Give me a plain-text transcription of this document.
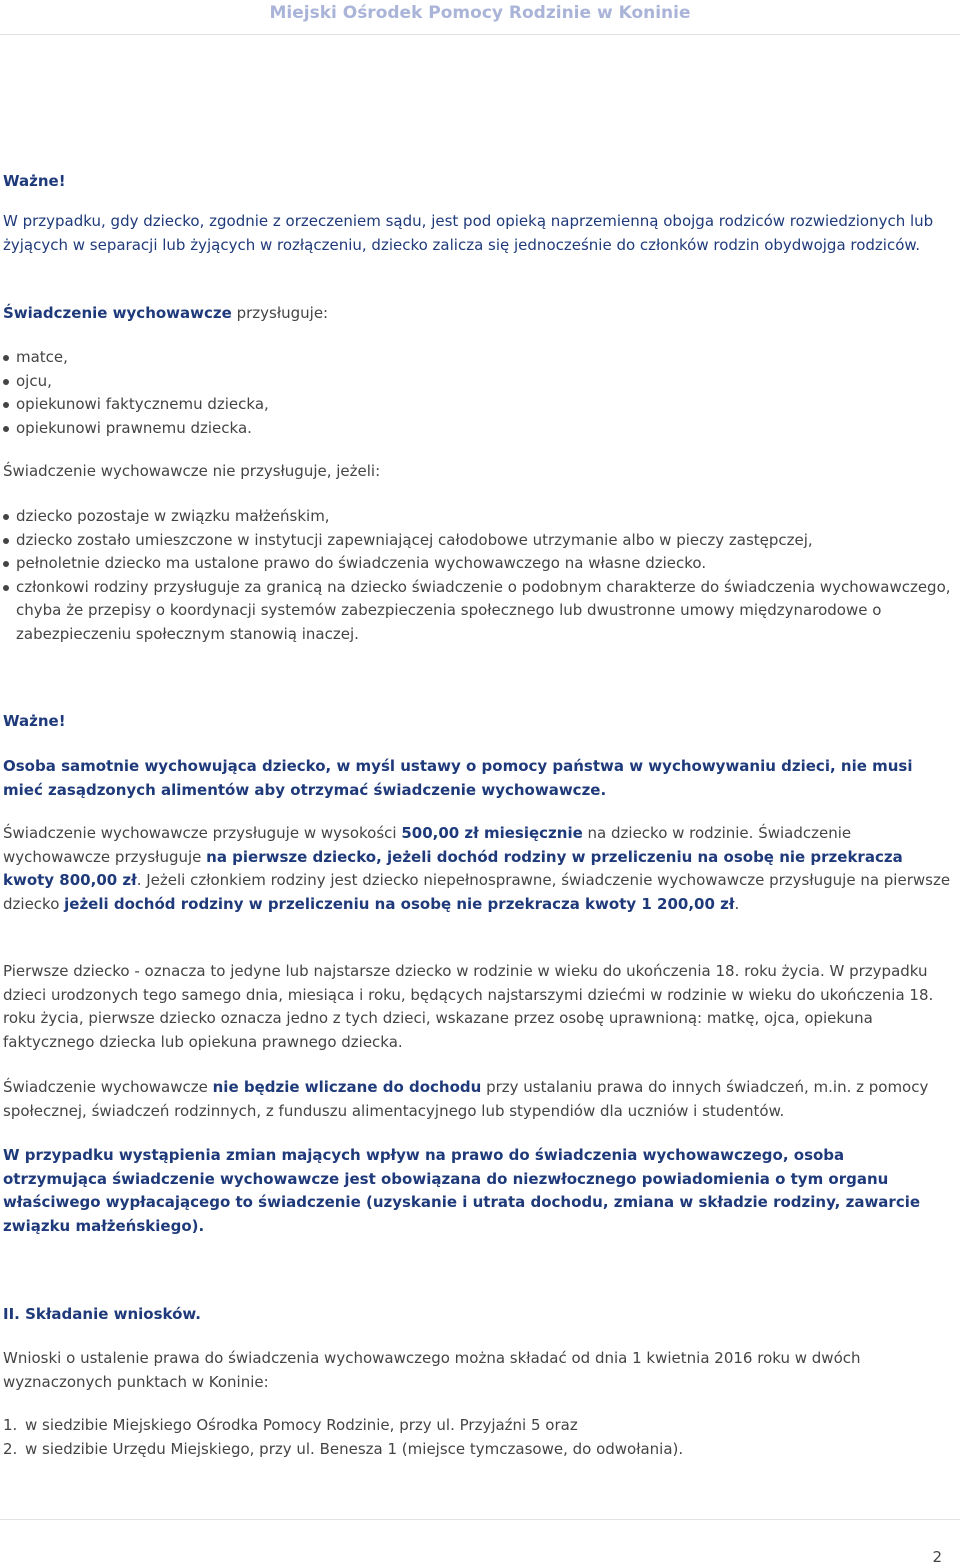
Miejski Ośrodek Pomocy Rodzinie w Koninie

Ważne!

W przypadku, gdy dziecko, zgodnie z orzeczeniem sądu, jest pod opieką naprzemienną obojga rodziców rozwiedzionych lub żyjących w separacji lub żyjących w rozłączeniu, dziecko zalicza się jednocześnie do członków rodzin obydwojga rodziców.

Świadczenie wychowawcze przysługuje:

matce,
ojcu,
opiekunowi faktycznemu dziecka,
opiekunowi prawnemu dziecka.

Świadczenie wychowawcze nie przysługuje, jeżeli:

dziecko pozostaje w związku małżeńskim,
dziecko zostało umieszczone w instytucji zapewniającej całodobowe utrzymanie albo w pieczy zastępczej,
pełnoletnie dziecko ma ustalone prawo do świadczenia wychowawczego na własne dziecko.
członkowi rodziny przysługuje za granicą na dziecko świadczenie o podobnym charakterze do świadczenia wychowawczego, chyba że przepisy o koordynacji systemów zabezpieczenia społecznego lub dwustronne umowy międzynarodowe o zabezpieczeniu społecznym stanowią inaczej.

Ważne!

Osoba samotnie wychowująca dziecko, w myśl ustawy o pomocy państwa w wychowywaniu dzieci, nie musi mieć zasądzonych alimentów aby otrzymać świadczenie wychowawcze.

Świadczenie wychowawcze przysługuje w wysokości 500,00 zł miesięcznie na dziecko w rodzinie. Świadczenie wychowawcze przysługuje na pierwsze dziecko, jeżeli dochód rodziny w przeliczeniu na osobę nie przekracza kwoty 800,00 zł. Jeżeli członkiem rodziny jest dziecko niepełnosprawne, świadczenie wychowawcze przysługuje na pierwsze dziecko jeżeli dochód rodziny w przeliczeniu na osobę nie przekracza kwoty 1 200,00 zł.

Pierwsze dziecko - oznacza to jedyne lub najstarsze dziecko w rodzinie w wieku do ukończenia 18. roku życia. W przypadku dzieci urodzonych tego samego dnia, miesiąca i roku, będących najstarszymi dziećmi w rodzinie w wieku do ukończenia 18. roku życia, pierwsze dziecko oznacza jedno z tych dzieci, wskazane przez osobę uprawnioną: matkę, ojca, opiekuna faktycznego dziecka lub opiekuna prawnego dziecka.

Świadczenie wychowawcze nie będzie wliczane do dochodu przy ustalaniu prawa do innych świadczeń, m.in. z pomocy społecznej, świadczeń rodzinnych, z funduszu alimentacyjnego lub stypendiów dla uczniów i studentów.

W przypadku wystąpienia zmian mających wpływ na prawo do świadczenia wychowawczego, osoba otrzymująca świadczenie wychowawcze jest obowiązana do niezwłocznego powiadomienia o tym organu właściwego wypłacającego to świadczenie (uzyskanie i utrata dochodu, zmiana w składzie rodziny, zawarcie związku małżeńskiego).

II. Składanie wniosków.

Wnioski o ustalenie prawa do świadczenia wychowawczego można składać od dnia 1 kwietnia 2016 roku w dwóch wyznaczonych punktach w Koninie:

1. w siedzibie Miejskiego Ośrodka Pomocy Rodzinie, przy ul. Przyjaźni 5 oraz
2. w siedzibie Urzędu Miejskiego, przy ul. Benesza 1 (miejsce tymczasowe, do odwołania).
2
